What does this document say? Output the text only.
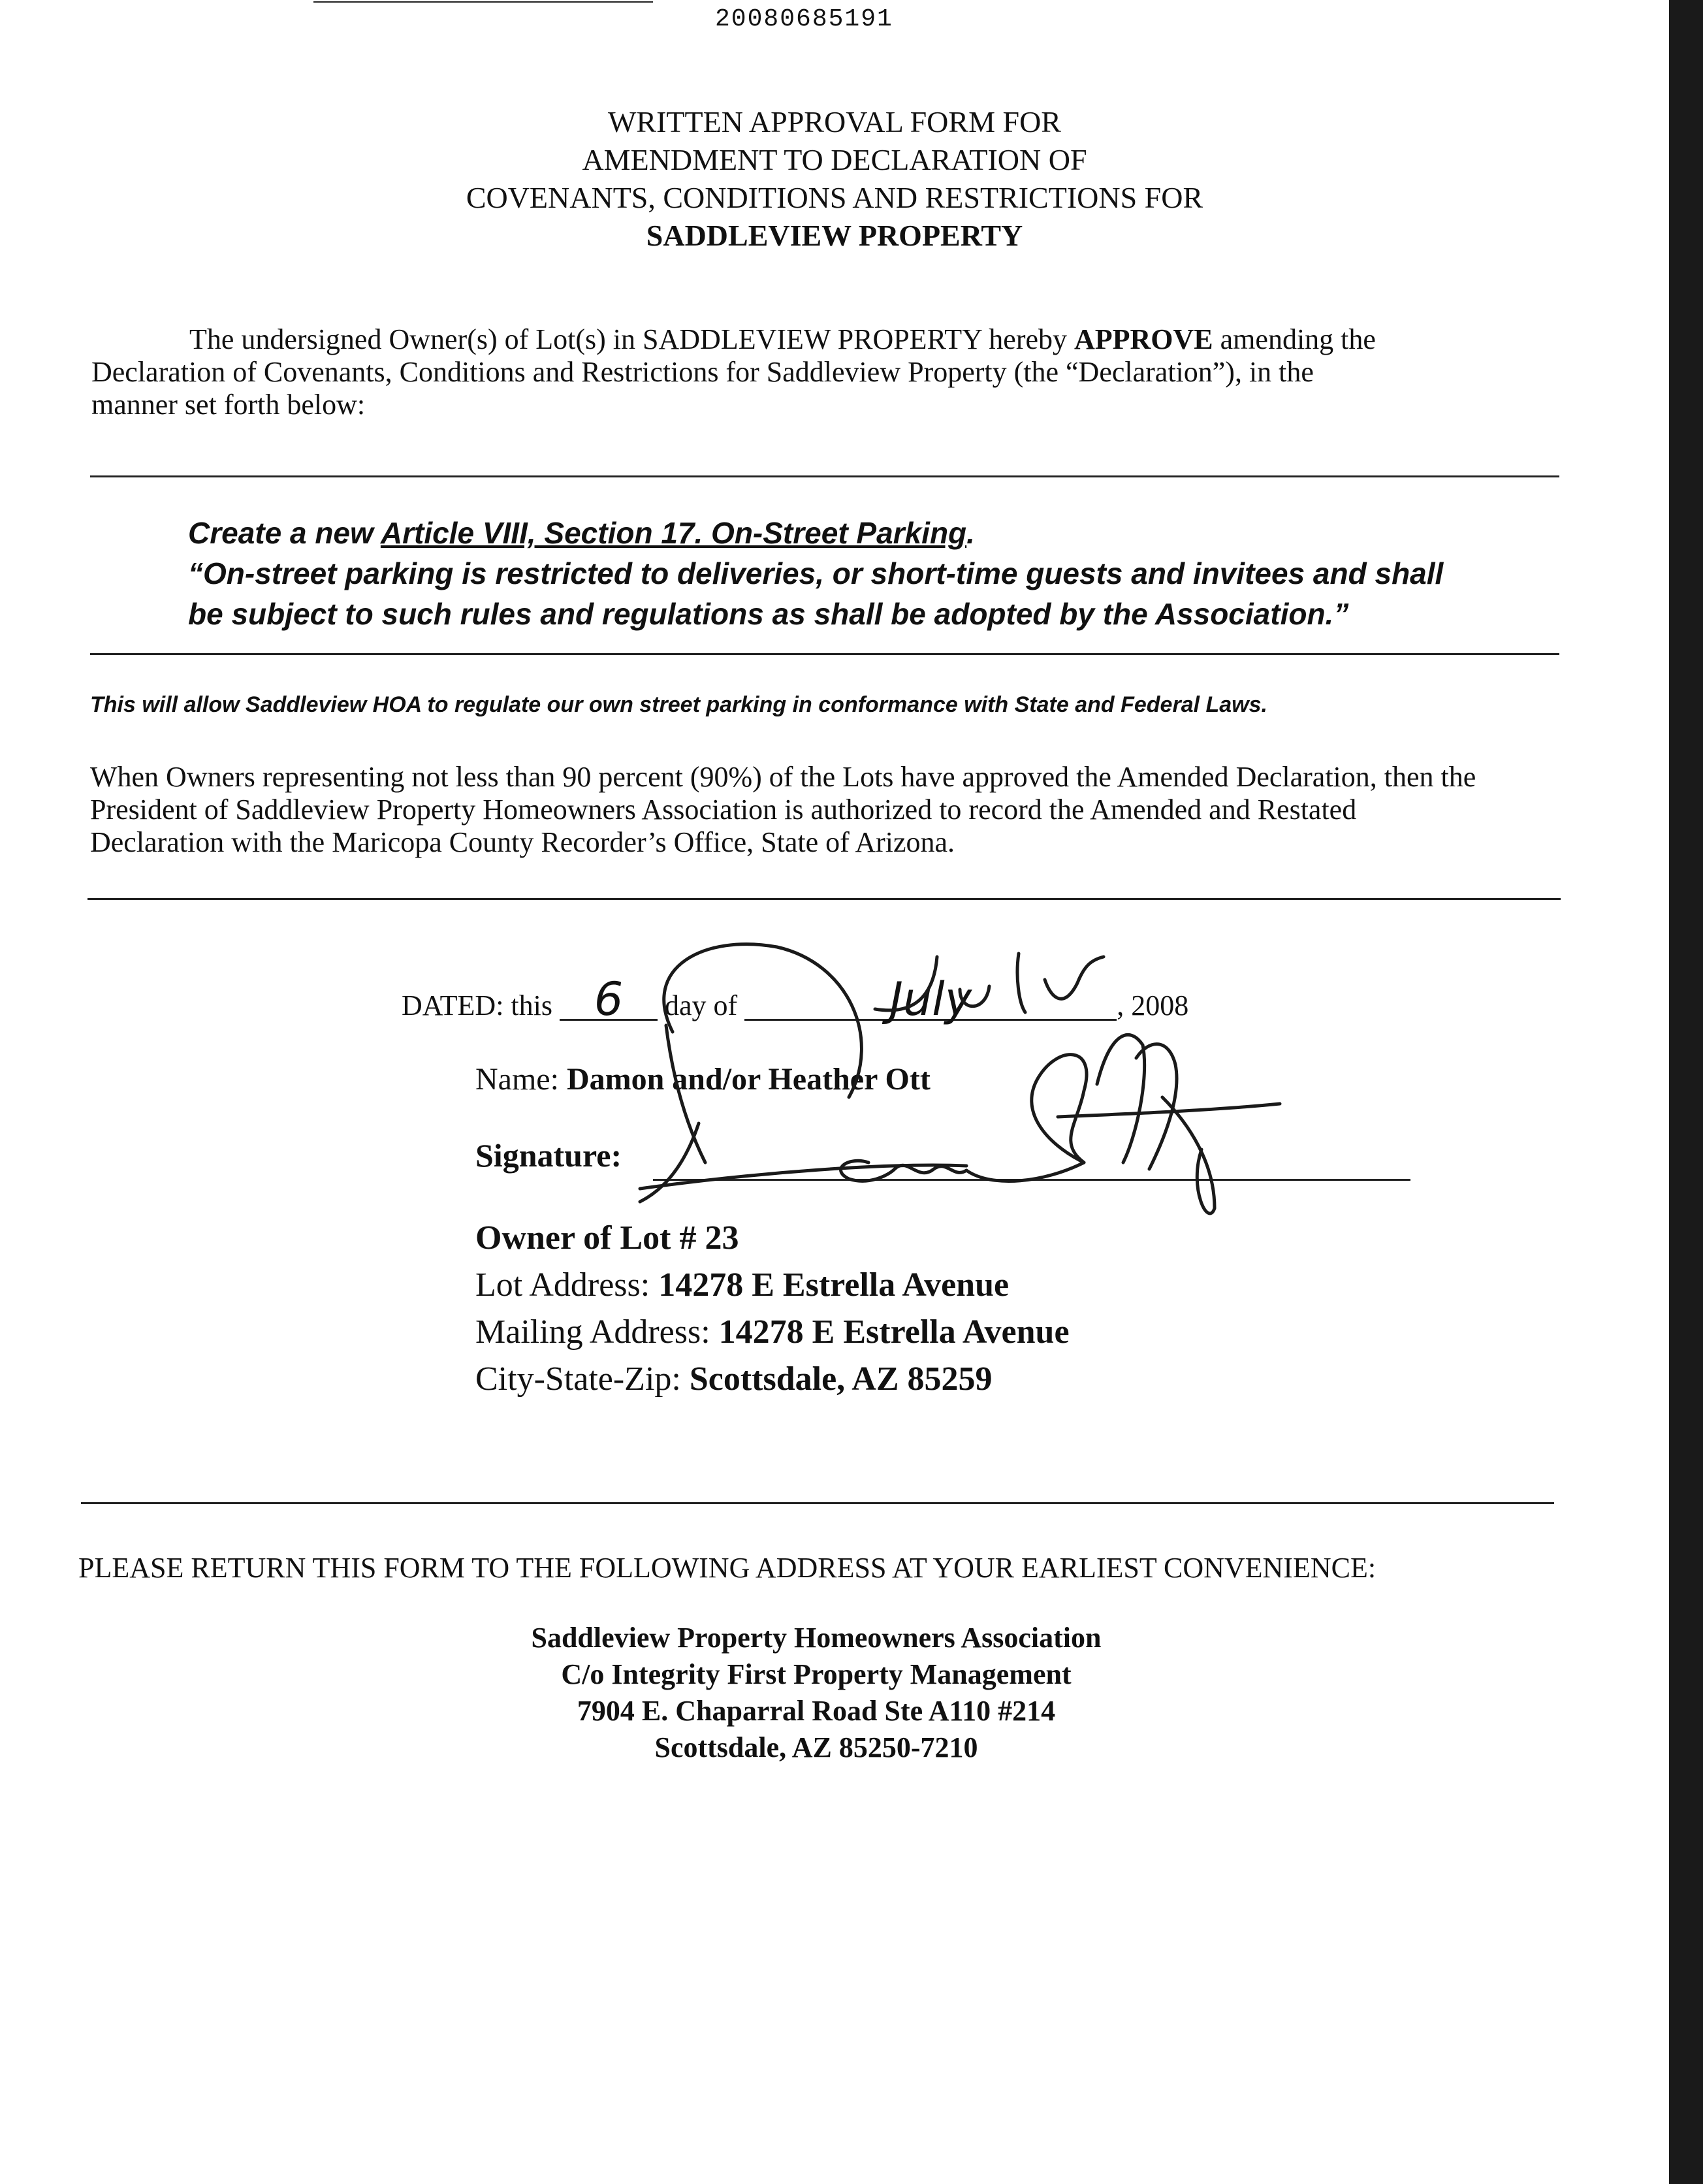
20080685191
WRITTEN APPROVAL FORM FOR
AMENDMENT TO DECLARATION OF
COVENANTS, CONDITIONS AND RESTRICTIONS FOR
SADDLEVIEW PROPERTY
The undersigned Owner(s) of Lot(s) in SADDLEVIEW PROPERTY hereby APPROVE amending the
Declaration of Covenants, Conditions and Restrictions for Saddleview Property (the “Declaration”), in the
manner set forth below:
Create a new Article VIII, Section 17. On-Street Parking.
“On-street parking is restricted to deliveries, or short-time guests and invitees and shall
be subject to such rules and regulations as shall be adopted by the Association.”
This will allow Saddleview HOA to regulate our own street parking in conformance with State and Federal Laws.
When Owners representing not less than 90 percent (90%) of the Lots have approved the Amended Declaration, then the
President of Saddleview Property Homeowners Association is authorized to record the Amended and Restated
Declaration with the Maricopa County Recorder’s Office, State of Arizona.
DATED: this 6 day of	July	, 2008
Name: Damon and/or Heather Ott
Signature:
Owner of Lot # 23
Lot Address: 14278 E Estrella Avenue
Mailing Address: 14278 E Estrella Avenue
City-State-Zip: Scottsdale, AZ 85259
PLEASE RETURN THIS FORM TO THE FOLLOWING ADDRESS AT YOUR EARLIEST CONVENIENCE:
Saddleview Property Homeowners Association
C/o Integrity First Property Management
7904 E. Chaparral Road Ste A110 #214
Scottsdale, AZ 85250-7210
